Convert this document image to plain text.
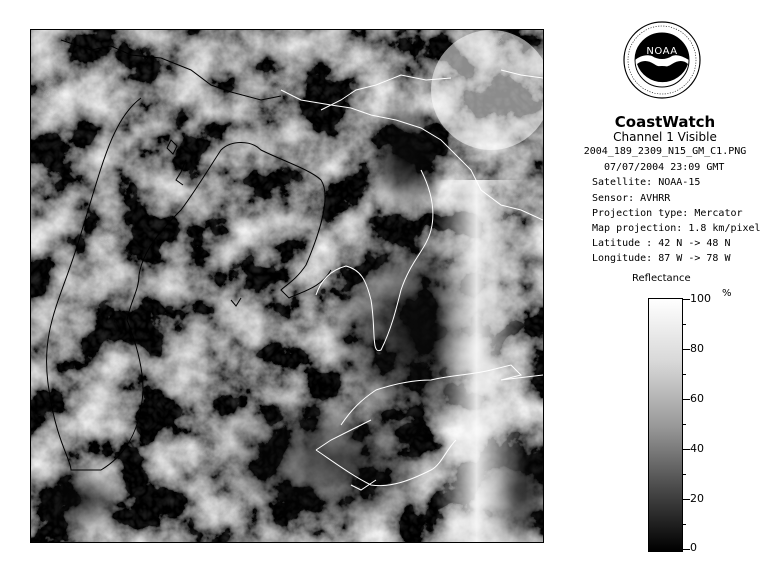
NOAA
CoastWatch
Channel 1 Visible
2004_189_2309_N15_GM_C1.PNG
07/07/2004 23:09 GMT
Satellite: NOAA-15
Sensor: AVHRR
Projection type: Mercator
Map projection: 1.8 km/pixel
Latitude : 42 N -> 48 N
Longitude: 87 W -> 78 W
Reflectance
100 %
80
60
40
20
0
